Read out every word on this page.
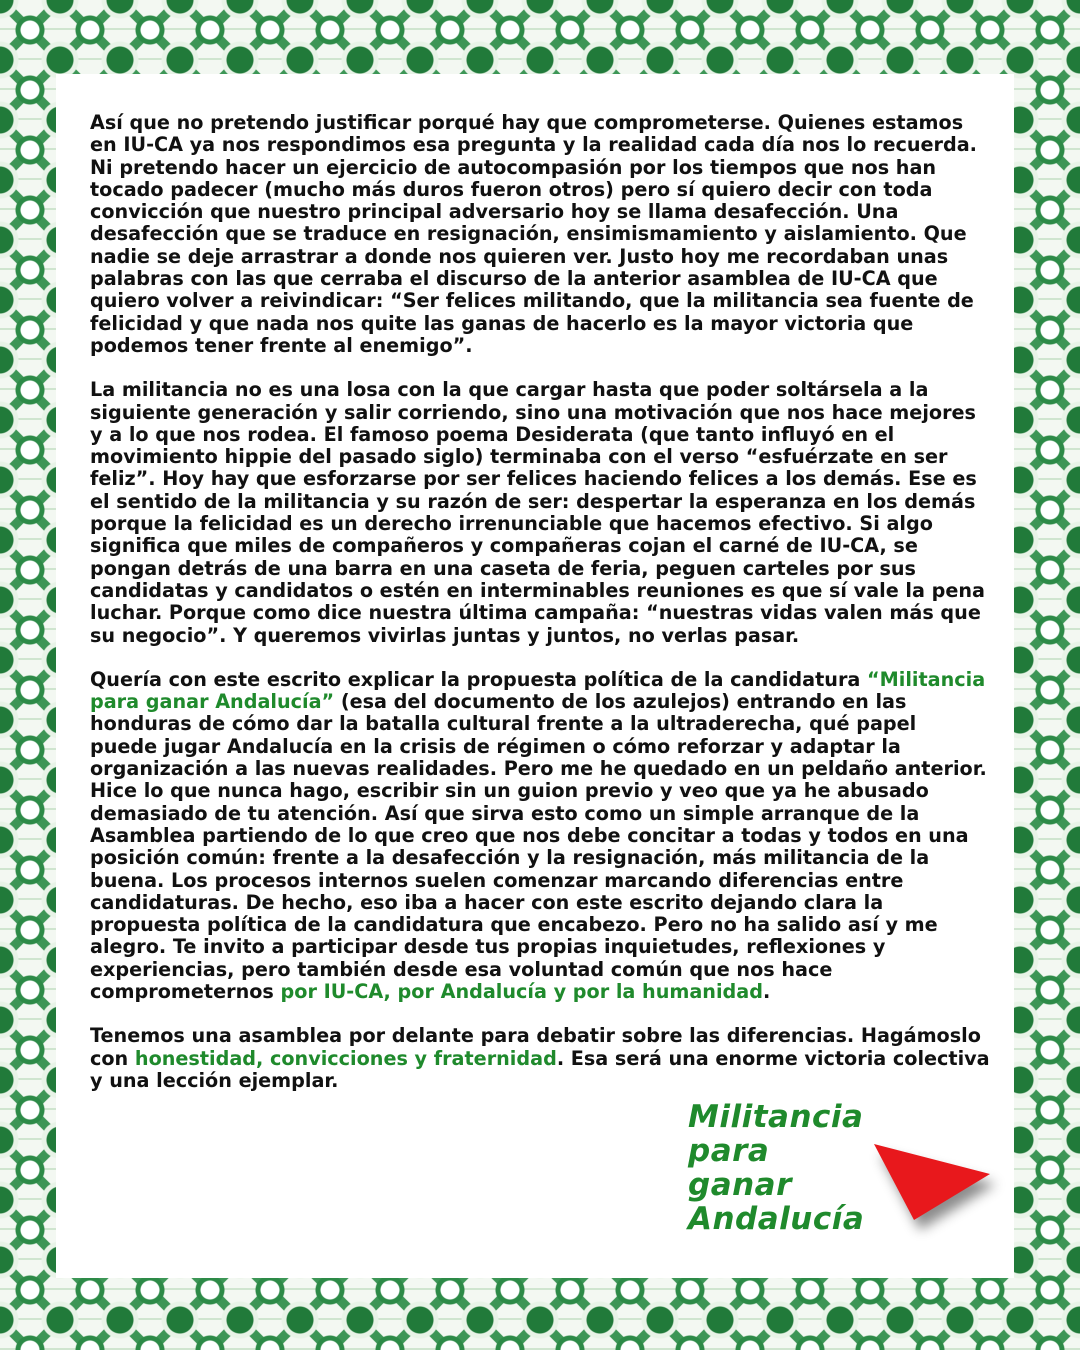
Así que no pretendo justificar porqué hay que comprometerse. Quienes estamos en IU-CA ya nos respondimos esa pregunta y la realidad cada día nos lo recuerda. Ni pretendo hacer un ejercicio de autocompasión por los tiempos que nos han tocado padecer (mucho más duros fueron otros) pero sí quiero decir con toda convicción que nuestro principal adversario hoy se llama desafección. Una desafección que se traduce en resignación, ensimismamiento y aislamiento. Que nadie se deje arrastrar a donde nos quieren ver. Justo hoy me recordaban unas palabras con las que cerraba el discurso de la anterior asamblea de IU-CA que quiero volver a reivindicar: “Ser felices militando, que la militancia sea fuente de felicidad y que nada nos quite las ganas de hacerlo es la mayor victoria que podemos tener frente al enemigo”.

La militancia no es una losa con la que cargar hasta que poder soltársela a la siguiente generación y salir corriendo, sino una motivación que nos hace mejores y a lo que nos rodea. El famoso poema Desiderata (que tanto influyó en el movimiento hippie del pasado siglo) terminaba con el verso “esfuérzate en ser feliz”. Hoy hay que esforzarse por ser felices haciendo felices a los demás. Ese es el sentido de la militancia y su razón de ser: despertar la esperanza en los demás porque la felicidad es un derecho irrenunciable que hacemos efectivo. Si algo significa que miles de compañeros y compañeras cojan el carné de IU-CA, se pongan detrás de una barra en una caseta de feria, peguen carteles por sus candidatas y candidatos o estén en interminables reuniones es que sí vale la pena luchar. Porque como dice nuestra última campaña: “nuestras vidas valen más que su negocio”. Y queremos vivirlas juntas y juntos, no verlas pasar.

Quería con este escrito explicar la propuesta política de la candidatura “Militancia para ganar Andalucía” (esa del documento de los azulejos) entrando en las honduras de cómo dar la batalla cultural frente a la ultraderecha, qué papel puede jugar Andalucía en la crisis de régimen o cómo reforzar y adaptar la organización a las nuevas realidades. Pero me he quedado en un peldaño anterior. Hice lo que nunca hago, escribir sin un guion previo y veo que ya he abusado demasiado de tu atención. Así que sirva esto como un simple arranque de la Asamblea partiendo de lo que creo que nos debe concitar a todas y todos en una posición común: frente a la desafección y la resignación, más militancia de la buena. Los procesos internos suelen comenzar marcando diferencias entre candidaturas. De hecho, eso iba a hacer con este escrito dejando clara la propuesta política de la candidatura que encabezo. Pero no ha salido así y me alegro. Te invito a participar desde tus propias inquietudes, reflexiones y experiencias, pero también desde esa voluntad común que nos hace comprometernos por IU-CA, por Andalucía y por la humanidad.

Tenemos una asamblea por delante para debatir sobre las diferencias. Hagámoslo con honestidad, convicciones y fraternidad. Esa será una enorme victoria colectiva y una lección ejemplar.

Militancia
para
ganar
Andalucía
